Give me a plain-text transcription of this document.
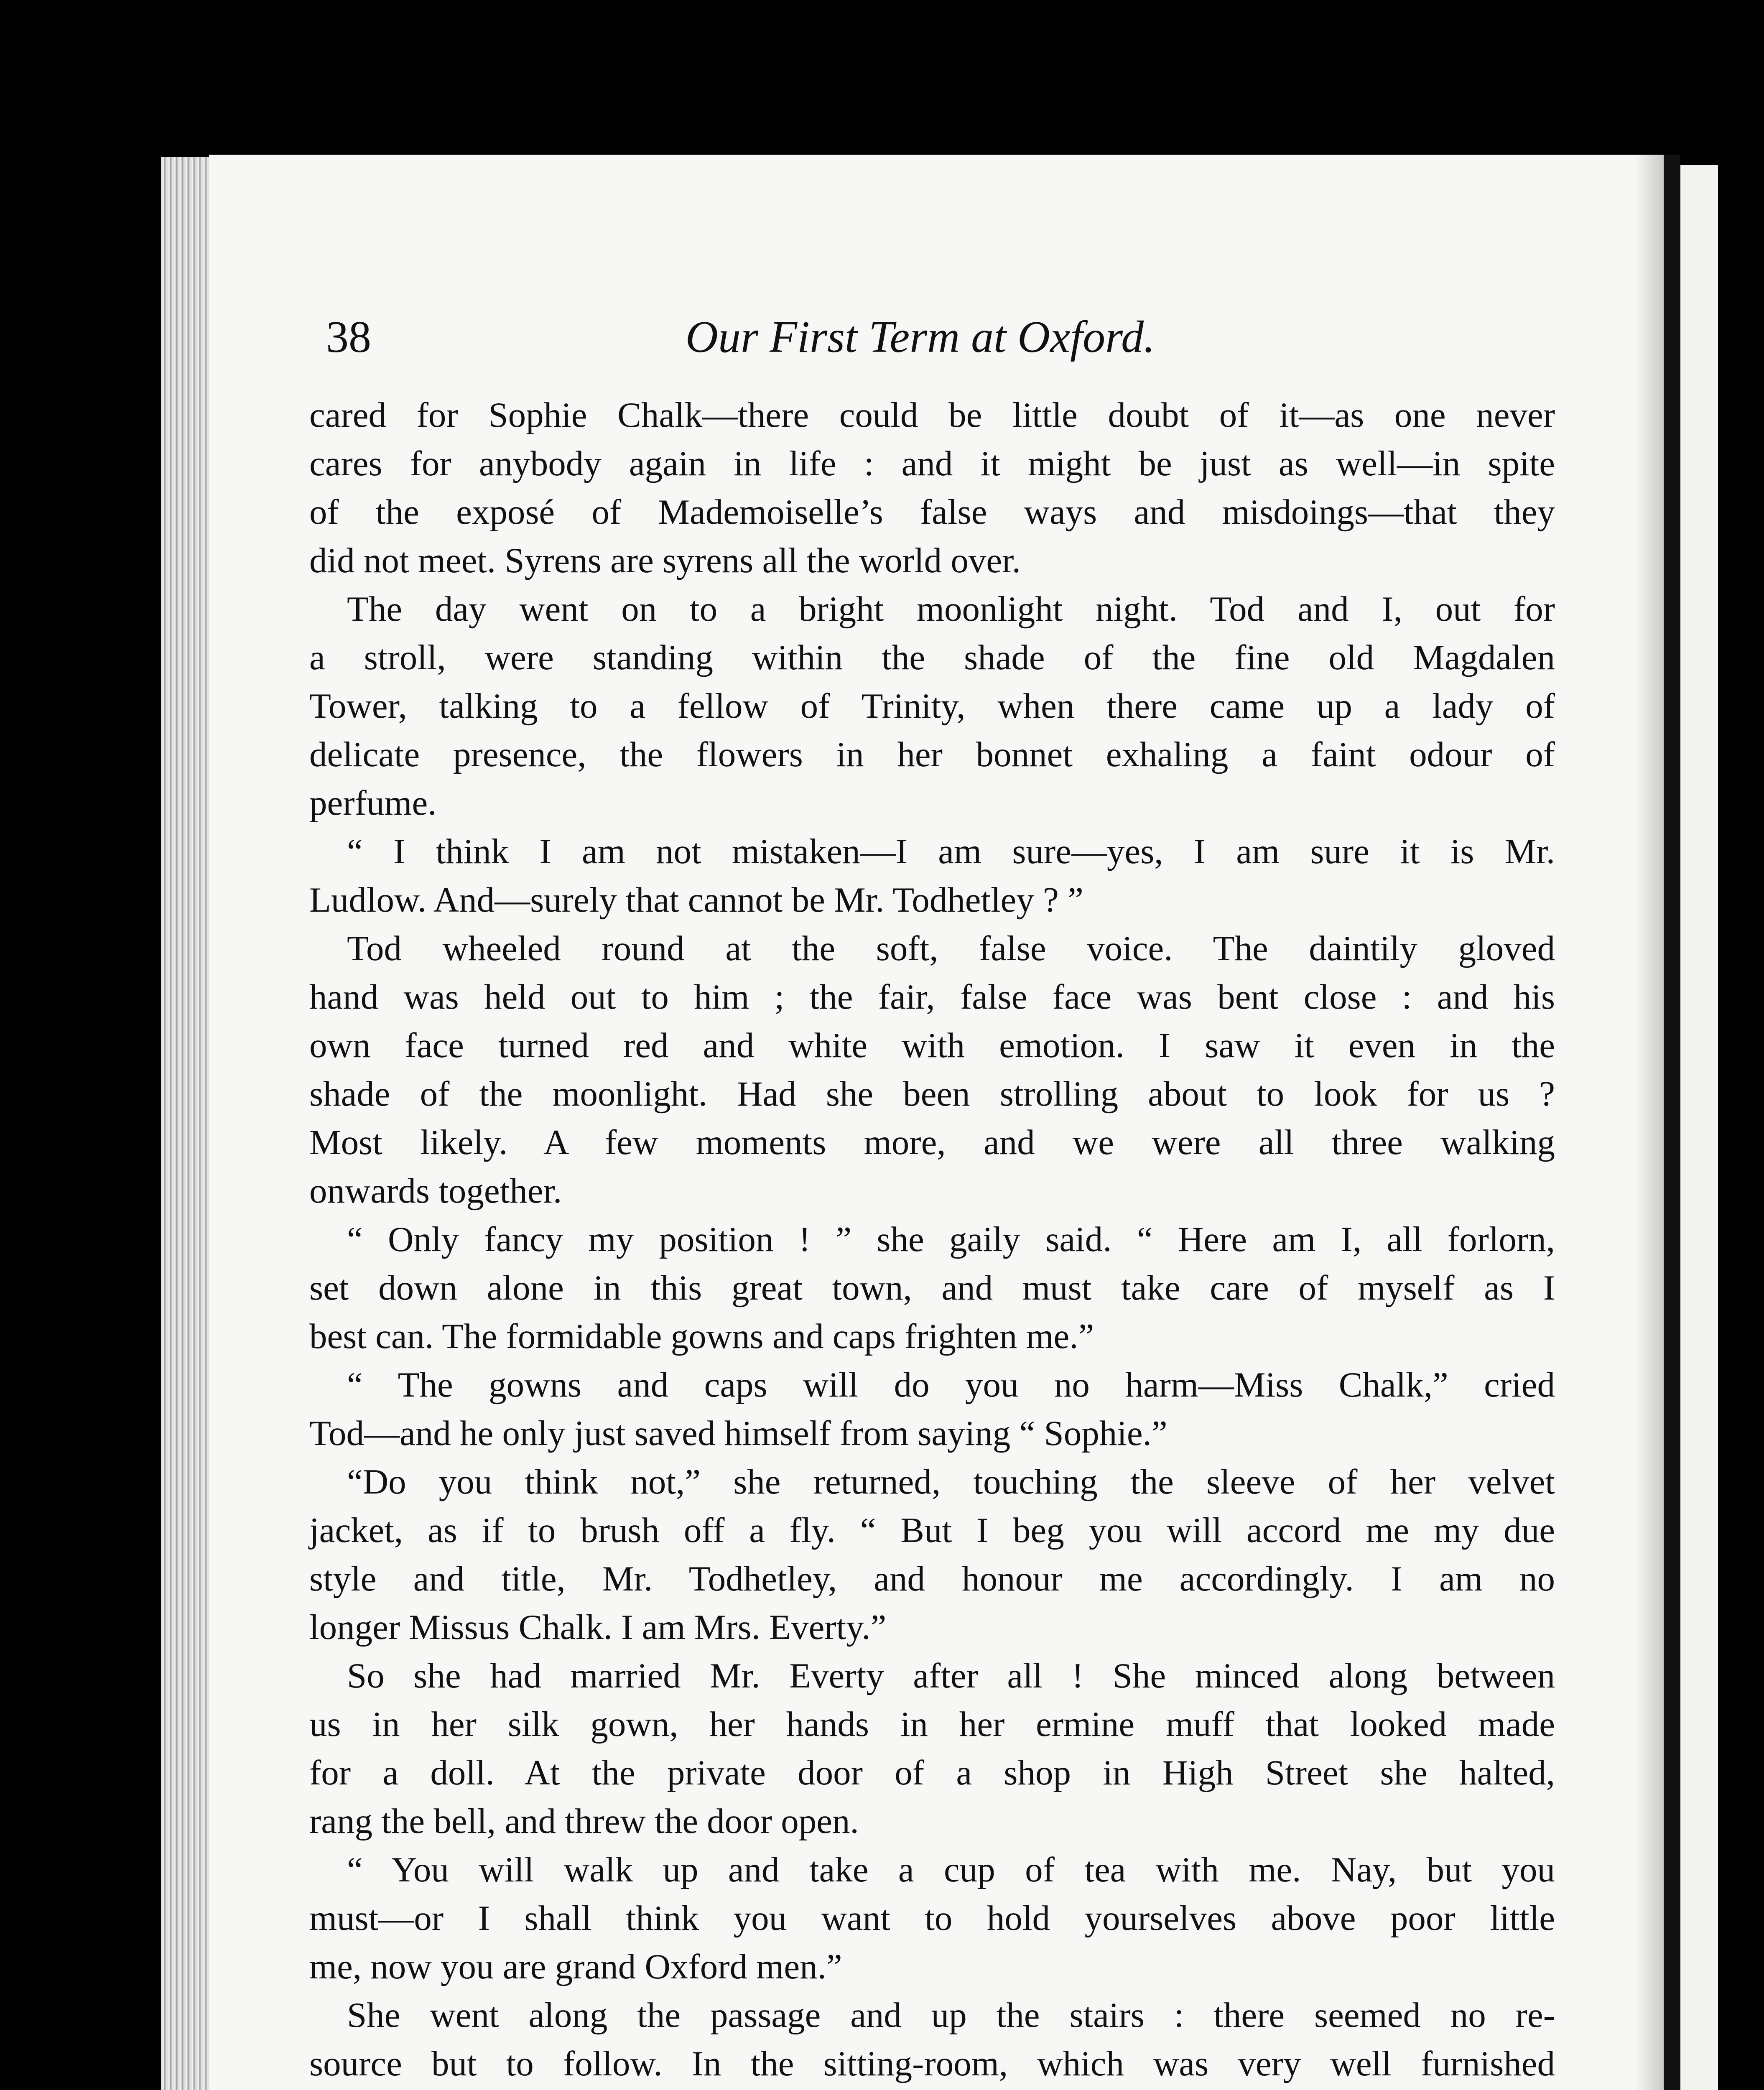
38	Our First Term at Oxford.
cared for Sophie Chalk—there could be little doubt of it—as one never
cares for anybody again in life : and it might be just as well—in spite
of the exposé of Mademoiselle’s false ways and misdoings—that they
did not meet. Syrens are syrens all the world over.
The day went on to a bright moonlight night. Tod and I, out for
a stroll, were standing within the shade of the fine old Magdalen
Tower, talking to a fellow of Trinity, when there came up a lady of
delicate presence, the flowers in her bonnet exhaling a faint odour of
perfume.
“ I think I am not mistaken—I am sure—yes, I am sure it is Mr.
Ludlow. And—surely that cannot be Mr. Todhetley ? ”
Tod wheeled round at the soft, false voice. The daintily gloved
hand was held out to him ; the fair, false face was bent close : and his
own face turned red and white with emotion. I saw it even in the
shade of the moonlight. Had she been strolling about to look for us ?
Most likely. A few moments more, and we were all three walking
onwards together.
“ Only fancy my position ! ” she gaily said. “ Here am I, all forlorn,
set down alone in this great town, and must take care of myself as I
best can. The formidable gowns and caps frighten me.”
“ The gowns and caps will do you no harm—Miss Chalk,” cried
Tod—and he only just saved himself from saying “ Sophie.”
“Do you think not,” she returned, touching the sleeve of her velvet
jacket, as if to brush off a fly. “ But I beg you will accord me my due
style and title, Mr. Todhetley, and honour me accordingly. I am no
longer Missus Chalk. I am Mrs. Everty.”
So she had married Mr. Everty after all ! She minced along between
us in her silk gown, her hands in her ermine muff that looked made
for a doll. At the private door of a shop in High Street she halted,
rang the bell, and threw the door open.
“ You will walk up and take a cup of tea with me. Nay, but you
must—or I shall think you want to hold yourselves above poor little
me, now you are grand Oxford men.”
She went along the passage and up the stairs : there seemed no re-
source but to follow. In the sitting-room, which was very well furnished
